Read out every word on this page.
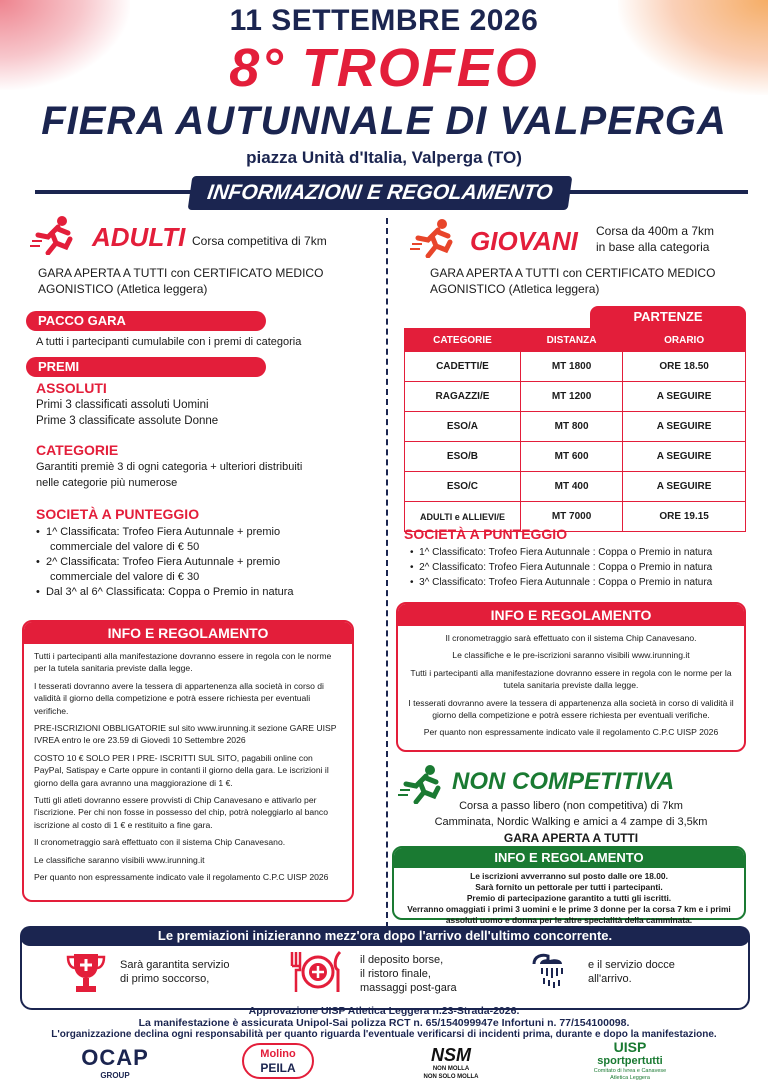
11 SETTEMBRE 2026
8° TROFEO
FIERA AUTUNNALE DI VALPERGA
piazza Unità d'Italia, Valperga (TO)
INFORMAZIONI E REGOLAMENTO
ADULTI Corsa competitiva di 7km
GARA APERTA A TUTTI con CERTIFICATO MEDICO
AGONISTICO (Atletica leggera)
PACCO GARA
A tutti i partecipanti cumulabile con i premi di categoria
PREMI
ASSOLUTI
Primi 3 classificati assoluti Uomini
Prime 3 classificate assolute Donne
CATEGORIE
Garantiti premiè 3 di ogni categoria + ulteriori distribuiti
nelle categorie più numerose
SOCIETÀ A PUNTEGGIO
•  1^ Classificata: Trofeo Fiera Autunnale + premio
commerciale del valore di € 50
•  2^ Classificata: Trofeo Fiera Autunnale + premio
commerciale del valore di € 30
•  Dal 3^ al 6^ Classificata: Coppa o Premio in natura
INFO E REGOLAMENTO

Tutti i partecipanti alla manifestazione dovranno essere in regola con le norme per la tutela sanitaria previste dalla legge.

I tesserati dovranno avere la tessera di appartenenza alla società in corso di validità il giorno della competizione e potrà essere richiesta per eventuali verifiche.

PRE-ISCRIZIONI OBBLIGATORIE sul sito www.irunning.it sezione GARE UISP IVREA entro le ore 23.59 di Giovedì 10 Settembre 2026

COSTO 10 € SOLO PER I PRE- ISCRITTI SUL SITO, pagabili online con PayPal, Satispay e Carte oppure in contanti il giorno della gara. Le iscrizioni il giorno della gara avranno una maggiorazione di 1 €.

Tutti gli atleti dovranno essere provvisti di Chip Canavesano e attivarlo per l'iscrizione. Per chi non fosse in possesso del chip, potrà noleggiarlo al banco iscrizione al costo di 1 € e restituito a fine gara.

Il cronometraggio sarà effettuato con il sistema Chip Canavesano.

Le classifiche saranno visibili www.irunning.it

Per quanto non espressamente indicato vale il regolamento C.P.C UISP 2026

GIOVANI Corsa da 400m a 7km
in base alla categoria
GARA APERTA A TUTTI con CERTIFICATO MEDICO
AGONISTICO (Atletica leggera)
PARTENZE
CATEGORIE	DISTANZA	ORARIO
CADETTI/E	MT 1800	ORE 18.50
RAGAZZI/E	MT 1200	A SEGUIRE
ESO/A	MT 800	A SEGUIRE
ESO/B	MT 600	A SEGUIRE
ESO/C	MT 400	A SEGUIRE
ADULTI e ALLIEVI/E	MT 7000	ORE 19.15
SOCIETÀ A PUNTEGGIO
•  1^ Classificato: Trofeo Fiera Autunnale : Coppa o Premio in natura
•  2^ Classificato: Trofeo Fiera Autunnale : Coppa o Premio in natura
•  3^ Classificato: Trofeo Fiera Autunnale : Coppa o Premio in natura
INFO E REGOLAMENTO

Il cronometraggio sarà effettuato con il sistema Chip Canavesano.

Le classifiche e le pre-iscrizioni saranno visibili www.irunning.it

Tutti i partecipanti alla manifestazione dovranno essere in regola con le norme per la tutela sanitaria previste dalla legge.

I tesserati dovranno avere la tessera di appartenenza alla società in corso di validità il giorno della competizione e potrà essere richiesta per eventuali verifiche.

Per quanto non espressamente indicato vale il regolamento C.P.C UISP 2026

NON COMPETITIVA
Corsa a passo libero (non competitiva) di 7km
Camminata, Nordic Walking e amici a 4 zampe di 3,5km
GARA APERTA A TUTTI
INFO E REGOLAMENTO
Le iscrizioni avverranno sul posto dalle ore 18.00.
Sarà fornito un pettorale per tutti i partecipanti.
Premio di partecipazione garantito a tutti gli iscritti.
Verranno omaggiati i primi 3 uomini e le prime 3 donne per la corsa 7 km e i primi assoluti uomo e donna per le altre specialità della camminata.
Le premiazioni inizieranno mezz'ora dopo l'arrivo dell'ultimo concorrente.
Sarà garantita servizio
di primo soccorso,
il deposito borse,
il ristoro finale,
massaggi post-gara
e il servizio docce
all'arrivo.
Approvazione UISP Atletica Leggera n.23-Strada-2026.
La manifestazione è assicurata Unipol-Sai polizza RCT n. 65/154099947e Infortuni n. 77/154100098.
L'organizzazione declina ogni responsabilità per quanto riguarda l'eventuale verificarsi di incidenti prima, durante e dopo la manifestazione.
OCAP
GROUP
Molino
PEILA
NSM
NON MOLLA
NON SOLO MOLLA
UISP
sportpertutti
Comitato di Ivrea e Canavese
Atletica Leggera
